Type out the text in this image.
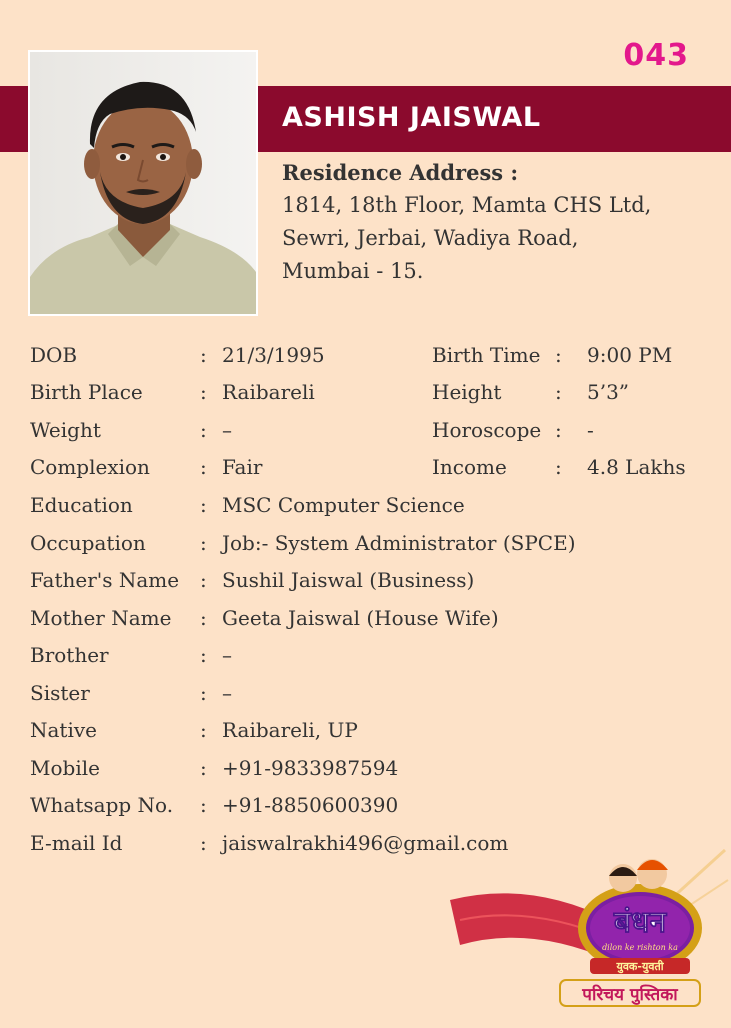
043
ASHISH JAISWAL
Residence Address :
1814, 18th Floor, Mamta CHS Ltd,
Sewri, Jerbai, Wadiya Road,
Mumbai - 15.
DOB	: 21/3/1995	Birth Time : 9:00 PM
Birth Place	: Raibareli	Height	: 5’3”
Weight	: –	Horoscope : -
Complexion	: Fair	Income : 4.8 Lakhs
Education	: MSC Computer Science
Occupation	: Job:- System Administrator (SPCE)
Father's Name : Sushil Jaiswal (Business)
Mother Name : Geeta Jaiswal (House Wife)
Brother	: –
Sister	: –
Native	: Raibareli, UP
Mobile	: +91-9833987594
Whatsapp No. : +91-8850600390
E-mail Id	: jaiswalrakhi496@gmail.com
बंधन
dilon ke rishton ka
युवक-युवती
परिचय पुस्तिका
